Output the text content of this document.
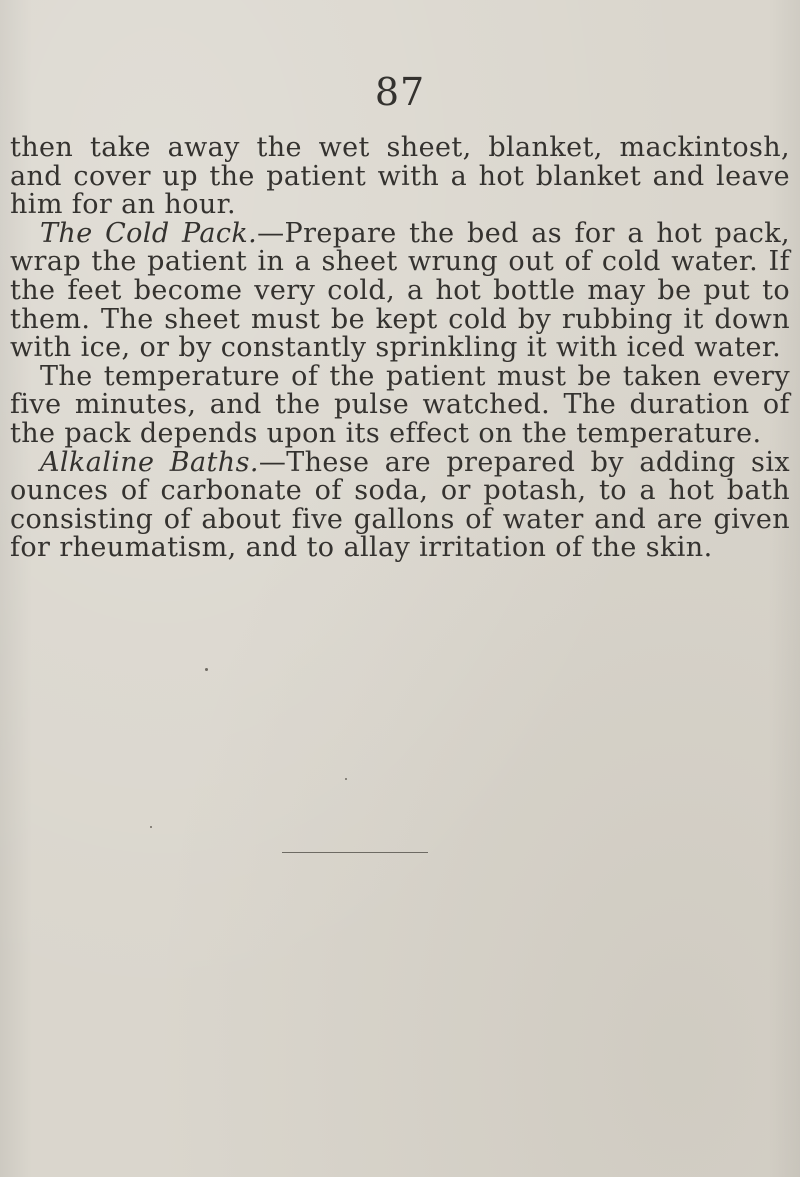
87

then take away the wet sheet, blanket, mackintosh, and cover up the patient with a hot blanket and leave him for an hour.

The Cold Pack.—Prepare the bed as for a hot pack, wrap the patient in a sheet wrung out of cold water. If the feet become very cold, a hot bottle may be put to them. The sheet must be kept cold by rubbing it down with ice, or by constantly sprinkling it with iced water.

The temperature of the patient must be taken every five minutes, and the pulse watched. The duration of the pack depends upon its effect on the temperature.

Alkaline Baths.—These are prepared by adding six ounces of carbonate of soda, or potash, to a hot bath consisting of about five gallons of water and are given for rheumatism, and to allay irritation of the skin.
